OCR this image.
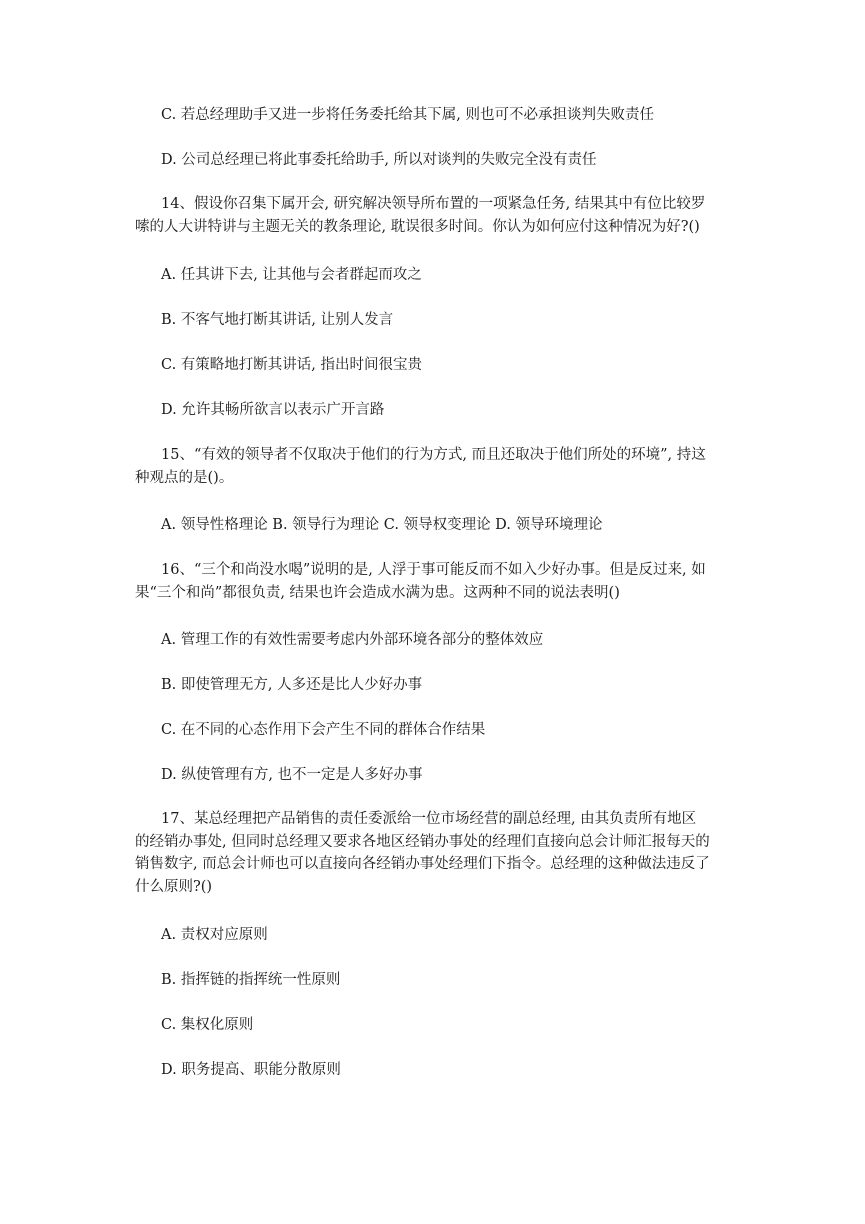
C. 若总经理助手又进一步将任务委托给其下属, 则也可不必承担谈判失败责任
D. 公司总经理已将此事委托给助手, 所以对谈判的失败完全没有责任
14、假设你召集下属开会, 研究解决领导所布置的一项紧急任务, 结果其中有位比较罗嗦的人大讲特讲与主题无关的教条理论, 耽误很多时间。你认为如何应付这种情况为好?()
A. 任其讲下去, 让其他与会者群起而攻之
B. 不客气地打断其讲话, 让别人发言
C. 有策略地打断其讲话, 指出时间很宝贵
D. 允许其畅所欲言以表示广开言路
15、“有效的领导者不仅取决于他们的行为方式, 而且还取决于他们所处的环境”, 持这种观点的是()。
A. 领导性格理论 B. 领导行为理论 C. 领导权变理论 D. 领导环境理论
16、“三个和尚没水喝”说明的是, 人浮于事可能反而不如入少好办事。但是反过来, 如果“三个和尚”都很负责, 结果也许会造成水满为患。这两种不同的说法表明()
A. 管理工作的有效性需要考虑内外部环境各部分的整体效应
B. 即使管理无方, 人多还是比人少好办事
C. 在不同的心态作用下会产生不同的群体合作结果
D. 纵使管理有方, 也不一定是人多好办事
17、某总经理把产品销售的责任委派给一位市场经营的副总经理, 由其负责所有地区的经销办事处, 但同时总经理又要求各地区经销办事处的经理们直接向总会计师汇报每天的销售数字, 而总会计师也可以直接向各经销办事处经理们下指令。总经理的这种做法违反了什么原则?()
A. 责权对应原则
B. 指挥链的指挥统一性原则
C. 集权化原则
D. 职务提高、职能分散原则
